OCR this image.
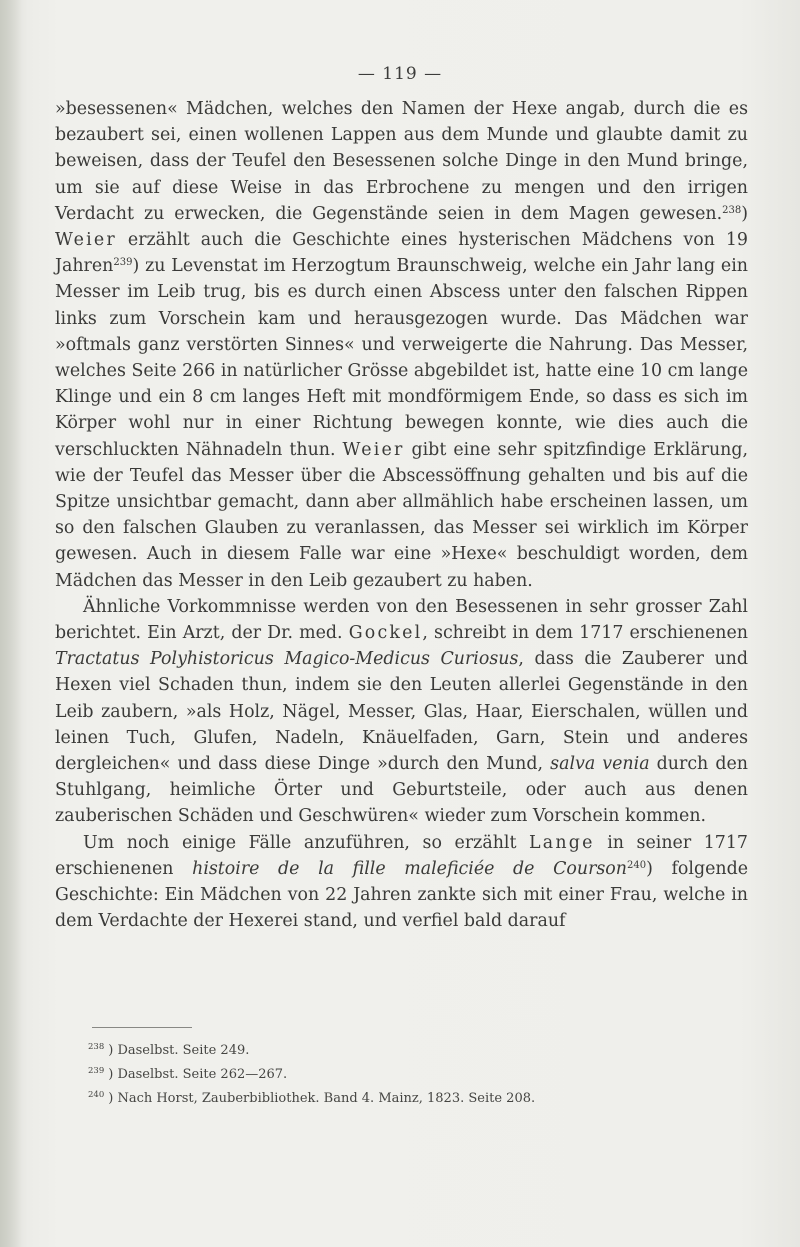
— 119 —

»besessenen« Mädchen, welches den Namen der Hexe angab, durch die es bezaubert sei, einen wollenen Lappen aus dem Munde und glaubte damit zu beweisen, dass der Teufel den Besessenen solche Dinge in den Mund bringe, um sie auf diese Weise in das Erbrochene zu mengen und den irrigen Verdacht zu erwecken, die Gegenstände seien in dem Magen gewesen.$^{238}$) Weier erzählt auch die Geschichte eines hysterischen Mädchens von 19 Jahren$^{239}$) zu Levenstat im Herzogtum Braunschweig, welche ein Jahr lang ein Messer im Leib trug, bis es durch einen Abscess unter den falschen Rippen links zum Vorschein kam und herausgezogen wurde. Das Mädchen war »oftmals ganz verstörten Sinnes« und verweigerte die Nahrung. Das Messer, welches Seite 266 in natürlicher Grösse abgebildet ist, hatte eine 10 cm lange Klinge und ein 8 cm langes Heft mit mondförmigem Ende, so dass es sich im Körper wohl nur in einer Richtung bewegen konnte, wie dies auch die verschluckten Nähnadeln thun. Weier gibt eine sehr spitzfindige Erklärung, wie der Teufel das Messer über die Abscessöffnung gehalten und bis auf die Spitze unsichtbar gemacht, dann aber allmählich habe erscheinen lassen, um so den falschen Glauben zu veranlassen, das Messer sei wirklich im Körper gewesen. Auch in diesem Falle war eine »Hexe« beschuldigt worden, dem Mädchen das Messer in den Leib gezaubert zu haben.

Ähnliche Vorkommnisse werden von den Besessenen in sehr grosser Zahl berichtet. Ein Arzt, der Dr. med. Gockel, schreibt in dem 1717 erschienenen Tractatus Polyhistoricus Magico-Medicus Curiosus, dass die Zauberer und Hexen viel Schaden thun, indem sie den Leuten allerlei Gegenstände in den Leib zaubern, »als Holz, Nägel, Messer, Glas, Haar, Eierschalen, wüllen und leinen Tuch, Glufen, Nadeln, Knäuelfaden, Garn, Stein und anderes dergleichen« und dass diese Dinge »durch den Mund, salva venia durch den Stuhlgang, heimliche Örter und Geburtsteile, oder auch aus denen zauberischen Schäden und Geschwüren« wieder zum Vorschein kommen.

Um noch einige Fälle anzuführen, so erzählt Lange in seiner 1717 erschienenen histoire de la fille maleficiée de Courson$^{240}$) folgende Geschichte: Ein Mädchen von 22 Jahren zankte sich mit einer Frau, welche in dem Verdachte der Hexerei stand, und verfiel bald darauf

$^{238}$ ) Daselbst. Seite 249.
$^{239}$ ) Daselbst. Seite 262—267.
$^{240}$ ) Nach Horst, Zauberbibliothek. Band 4. Mainz, 1823. Seite 208.
